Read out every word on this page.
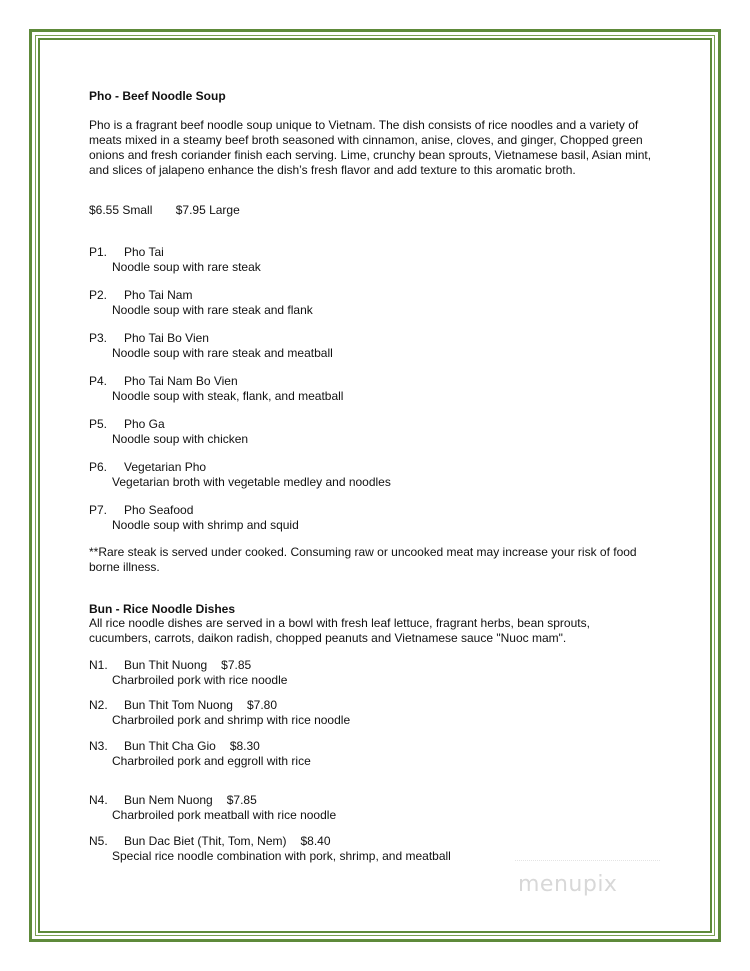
Pho - Beef Noodle Soup

Pho is a fragrant beef noodle soup unique to Vietnam. The dish consists of rice noodles and a variety of meats mixed in a steamy beef broth seasoned with cinnamon, anise, cloves, and ginger, Chopped green onions and fresh coriander finish each serving. Lime, crunchy bean sprouts, Vietnamese basil, Asian mint, and slices of jalapeno enhance the dish’s fresh flavor and add texture to this aromatic broth.

$6.55 Small $7.95 Large
P1. Pho Tai
Noodle soup with rare steak
P2. Pho Tai Nam
Noodle soup with rare steak and flank
P3. Pho Tai Bo Vien
Noodle soup with rare steak and meatball
P4. Pho Tai Nam Bo Vien
Noodle soup with steak, flank, and meatball
P5. Pho Ga
Noodle soup with chicken
P6. Vegetarian Pho
Vegetarian broth with vegetable medley and noodles
P7. Pho Seafood
Noodle soup with shrimp and squid

**Rare steak is served under cooked. Consuming raw or uncooked meat may increase your risk of food borne illness.

Bun - Rice Noodle Dishes

All rice noodle dishes are served in a bowl with fresh leaf lettuce, fragrant herbs, bean sprouts, cucumbers, carrots, daikon radish, chopped peanuts and Vietnamese sauce "Nuoc mam".

N1. Bun Thit Nuong $7.85
Charbroiled pork with rice noodle
N2. Bun Thit Tom Nuong $7.80
Charbroiled pork and shrimp with rice noodle
N3. Bun Thit Cha Gio $8.30
Charbroiled pork and eggroll with rice
N4. Bun Nem Nuong $7.85
Charbroiled pork meatball with rice noodle
N5. Bun Dac Biet (Thit, Tom, Nem) $8.40
Special rice noodle combination with pork, shrimp, and meatball
menupix
